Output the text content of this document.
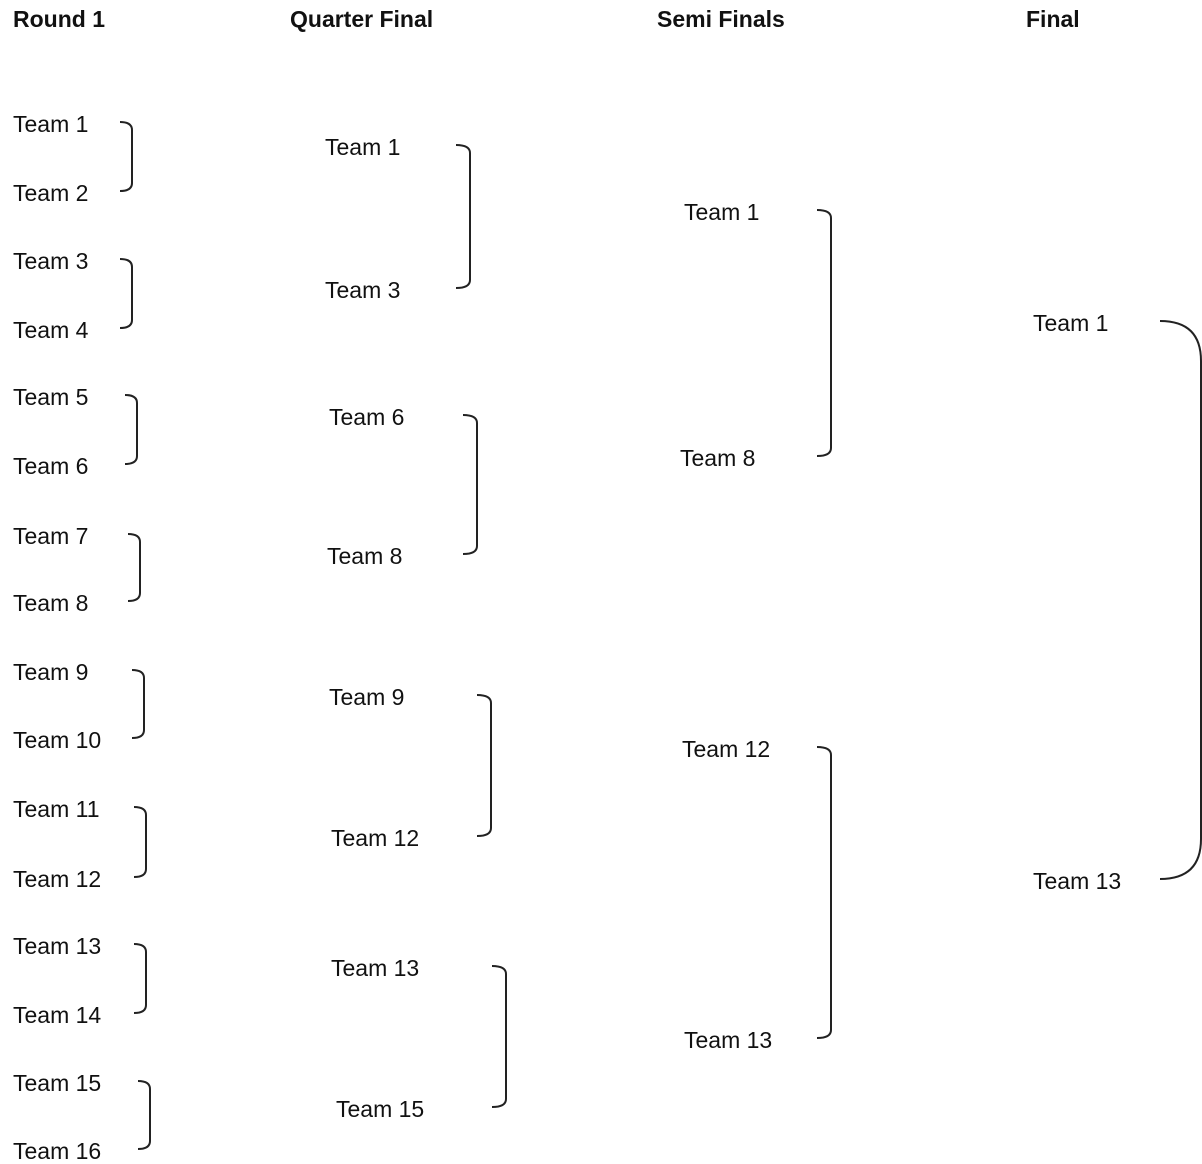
Round 1	Quarter Final	Semi Finals	Final
Team 1
Team 2
Team 3
Team 4
Team 5
Team 6
Team 7
Team 8
Team 9
Team 10
Team 11
Team 12
Team 13
Team 14
Team 15
Team 16
Team 1
Team 3
Team 6
Team 8
Team 9
Team 12
Team 13
Team 15
Team 1
Team 8
Team 12
Team 13
Team 1
Team 13
